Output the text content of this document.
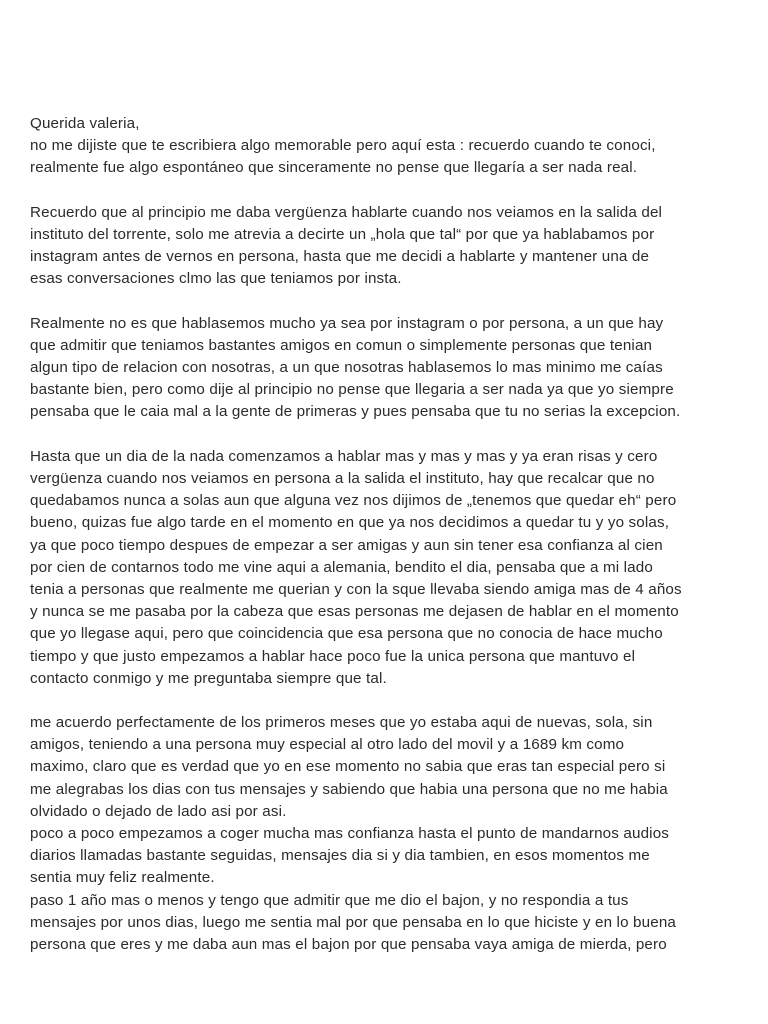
Querida valeria,
no me dijiste que te escribiera algo memorable pero aquí esta : recuerdo cuando te conoci,
realmente fue algo espontáneo que sinceramente no pense que llegaría a ser nada real.
Recuerdo que al principio me daba vergüenza hablarte cuando nos veiamos en la salida del
instituto del torrente, solo me atrevia a decirte un „hola que tal“ por que ya hablabamos por
instagram antes de vernos en persona, hasta que me decidi a hablarte y mantener una de
esas conversaciones clmo las que teniamos por insta.
Realmente no es que hablasemos mucho ya sea por instagram o por persona, a un que hay
que admitir que teniamos bastantes amigos en comun o simplemente personas que tenian
algun tipo de relacion con nosotras, a un que nosotras hablasemos lo mas minimo me caías
bastante bien, pero como dije al principio no pense que llegaria a ser nada ya que yo siempre
pensaba que le caia mal a la gente de primeras y pues pensaba que tu no serias la excepcion.
Hasta que un dia de la nada comenzamos a hablar mas y mas y mas y ya eran risas y cero
vergüenza cuando nos veiamos en persona a la salida el instituto, hay que recalcar que no
quedabamos nunca a solas aun que alguna vez nos dijimos de „tenemos que quedar eh“ pero
bueno, quizas fue algo tarde en el momento en que ya nos decidimos a quedar tu y yo solas,
ya que poco tiempo despues de empezar a ser amigas y aun sin tener esa confianza al cien
por cien de contarnos todo me vine aqui a alemania, bendito el dia, pensaba que a mi lado
tenia a personas que realmente me querian y con la sque llevaba siendo amiga mas de 4 años
y nunca se me pasaba por la cabeza que esas personas me dejasen de hablar en el momento
que yo llegase aqui, pero que coincidencia que esa persona que no conocia de hace mucho
tiempo y que justo empezamos a hablar hace poco fue la unica persona que mantuvo el
contacto conmigo y me preguntaba siempre que tal.
me acuerdo perfectamente de los primeros meses que yo estaba aqui de nuevas, sola, sin
amigos, teniendo a una persona muy especial al otro lado del movil y a 1689 km como
maximo, claro que es verdad que yo en ese momento no sabia que eras tan especial pero si
me alegrabas los dias con tus mensajes y sabiendo que habia una persona que no me habia
olvidado o dejado de lado asi por asi.
poco a poco empezamos a coger mucha mas confianza hasta el punto de mandarnos audios
diarios llamadas bastante seguidas, mensajes dia si y dia tambien, en esos momentos me
sentia muy feliz realmente.
paso 1 año mas o menos y tengo que admitir que me dio el bajon, y no respondia a tus
mensajes por unos dias, luego me sentia mal por que pensaba en lo que hiciste y en lo buena
persona que eres y me daba aun mas el bajon por que pensaba vaya amiga de mierda, pero
